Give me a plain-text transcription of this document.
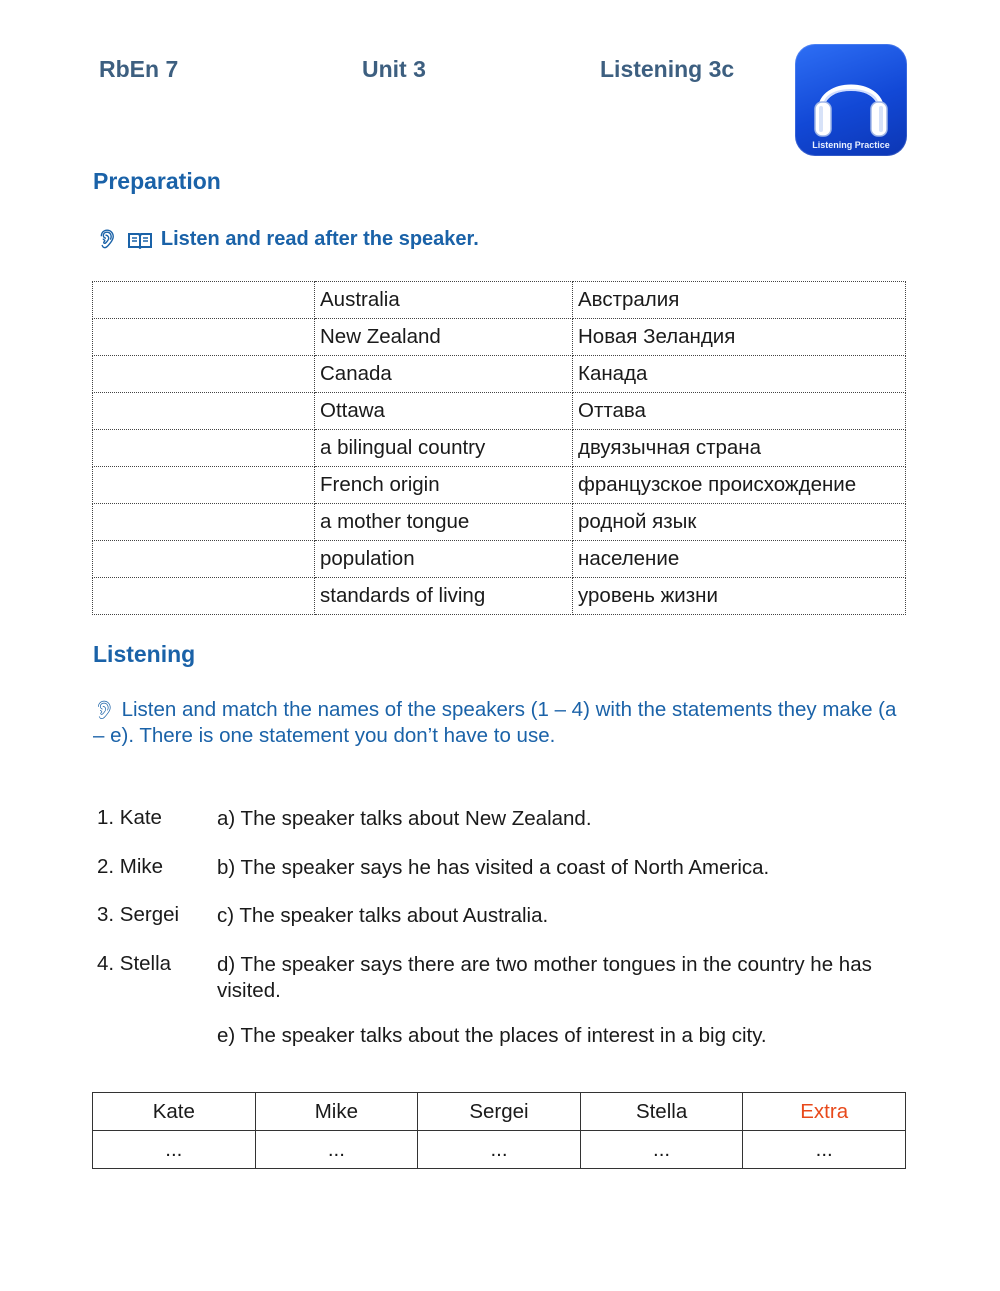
RbEn 7	Unit 3	Listening 3c
Listening Practice
Preparation
👂︎ Listen and read after the speaker.
	Australia	Австралия
	New Zealand	Новая Зеландия
	Canada	Канада
	Ottawa	Оттава
	a bilingual country	двуязычная страна
	French origin	французское происхождение
	a mother tongue	родной язык
	population	население
	standards of living	уровень жизни
Listening
👂︎ Listen and match the names of the speakers (1 – 4) with the statements they make (a – e). There is one statement you don’t have to use.
1. Kate	a) The speaker talks about New Zealand.
2. Mike	b) The speaker says he has visited a coast of North America.
3. Sergei c) The speaker talks about Australia.
4. Stella d) The speaker says there are two mother tongues in the country he has visited.
e) The speaker talks about the places of interest in a big city.
Kate	Mike	Sergei	Stella	Extra
...	...	...	...	...
